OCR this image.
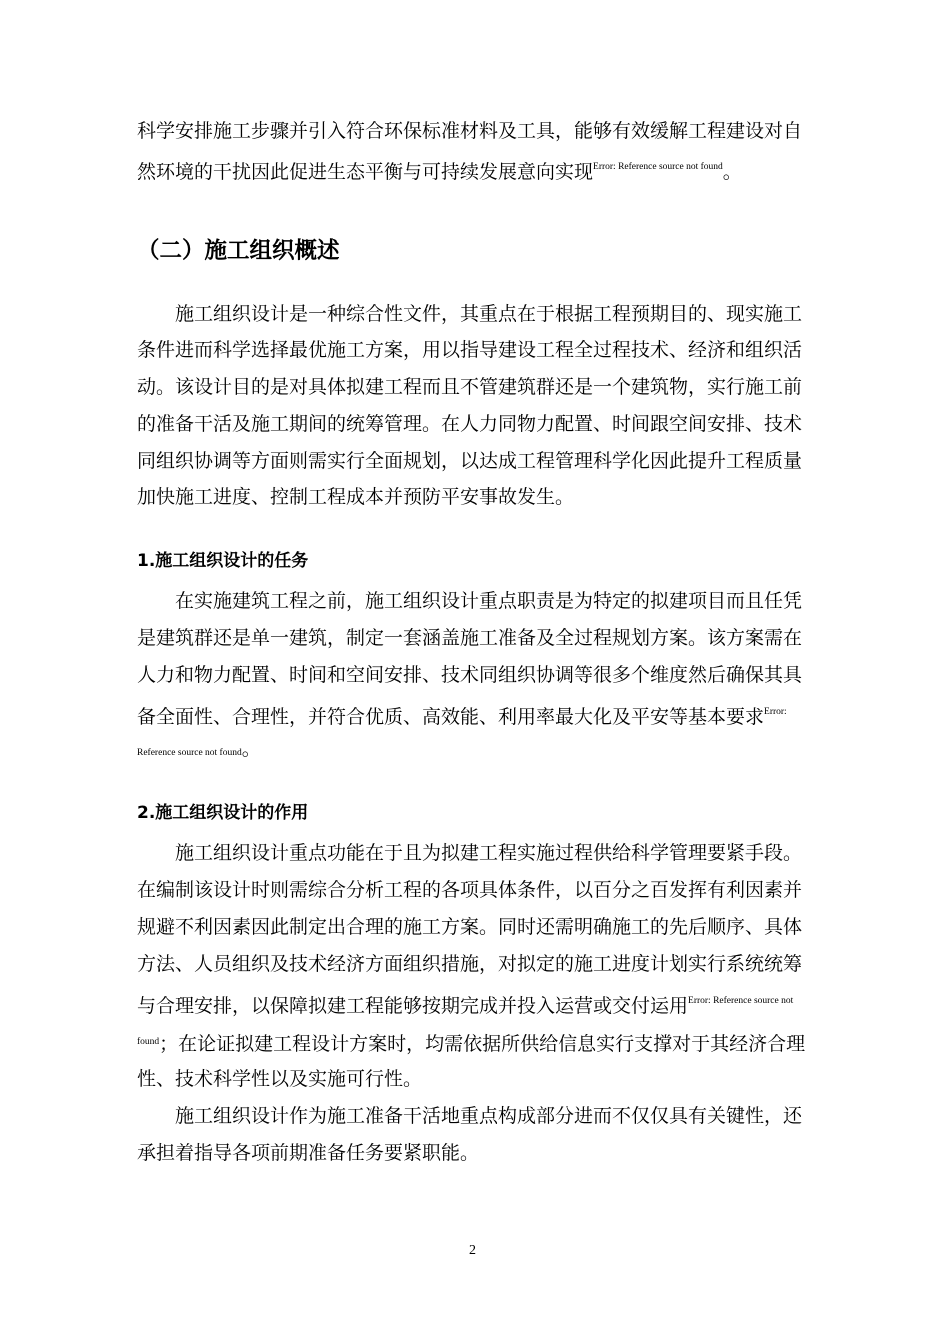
科学安排施工步骤并引入符合环保标准材料及工具，能够有效缓解工程建设对自
然环境的干扰因此促进生态平衡与可持续发展意向实现$^{Error: Reference source not found}$。
（二）施工组织概述
施工组织设计是一种综合性文件，其重点在于根据工程预期目的、现实施工
条件进而科学选择最优施工方案，用以指导建设工程全过程技术、经济和组织活
动。该设计目的是对具体拟建工程而且不管建筑群还是一个建筑物，实行施工前
的准备干活及施工期间的统筹管理。在人力同物力配置、时间跟空间安排、技术
同组织协调等方面则需实行全面规划，以达成工程管理科学化因此提升工程质量
加快施工进度、控制工程成本并预防平安事故发生。
1.施工组织设计的任务
在实施建筑工程之前，施工组织设计重点职责是为特定的拟建项目而且任凭
是建筑群还是单一建筑，制定一套涵盖施工准备及全过程规划方案。该方案需在
人力和物力配置、时间和空间安排、技术同组织协调等很多个维度然后确保其具
备全面性、合理性，并符合优质、高效能、利用率最大化及平安等基本要求$^{Error:}$
Reference source not found。
2.施工组织设计的作用
施工组织设计重点功能在于且为拟建工程实施过程供给科学管理要紧手段。
在编制该设计时则需综合分析工程的各项具体条件，以百分之百发挥有利因素并
规避不利因素因此制定出合理的施工方案。同时还需明确施工的先后顺序、具体
方法、人员组织及技术经济方面组织措施，对拟定的施工进度计划实行系统统筹
与合理安排，以保障拟建工程能够按期完成并投入运营或交付运用$^{Error: Reference source not}$
$^{found}$；在论证拟建工程设计方案时，均需依据所供给信息实行支撑对于其经济合理
性、技术科学性以及实施可行性。
施工组织设计作为施工准备干活地重点构成部分进而不仅仅具有关键性，还
承担着指导各项前期准备任务要紧职能。
2
